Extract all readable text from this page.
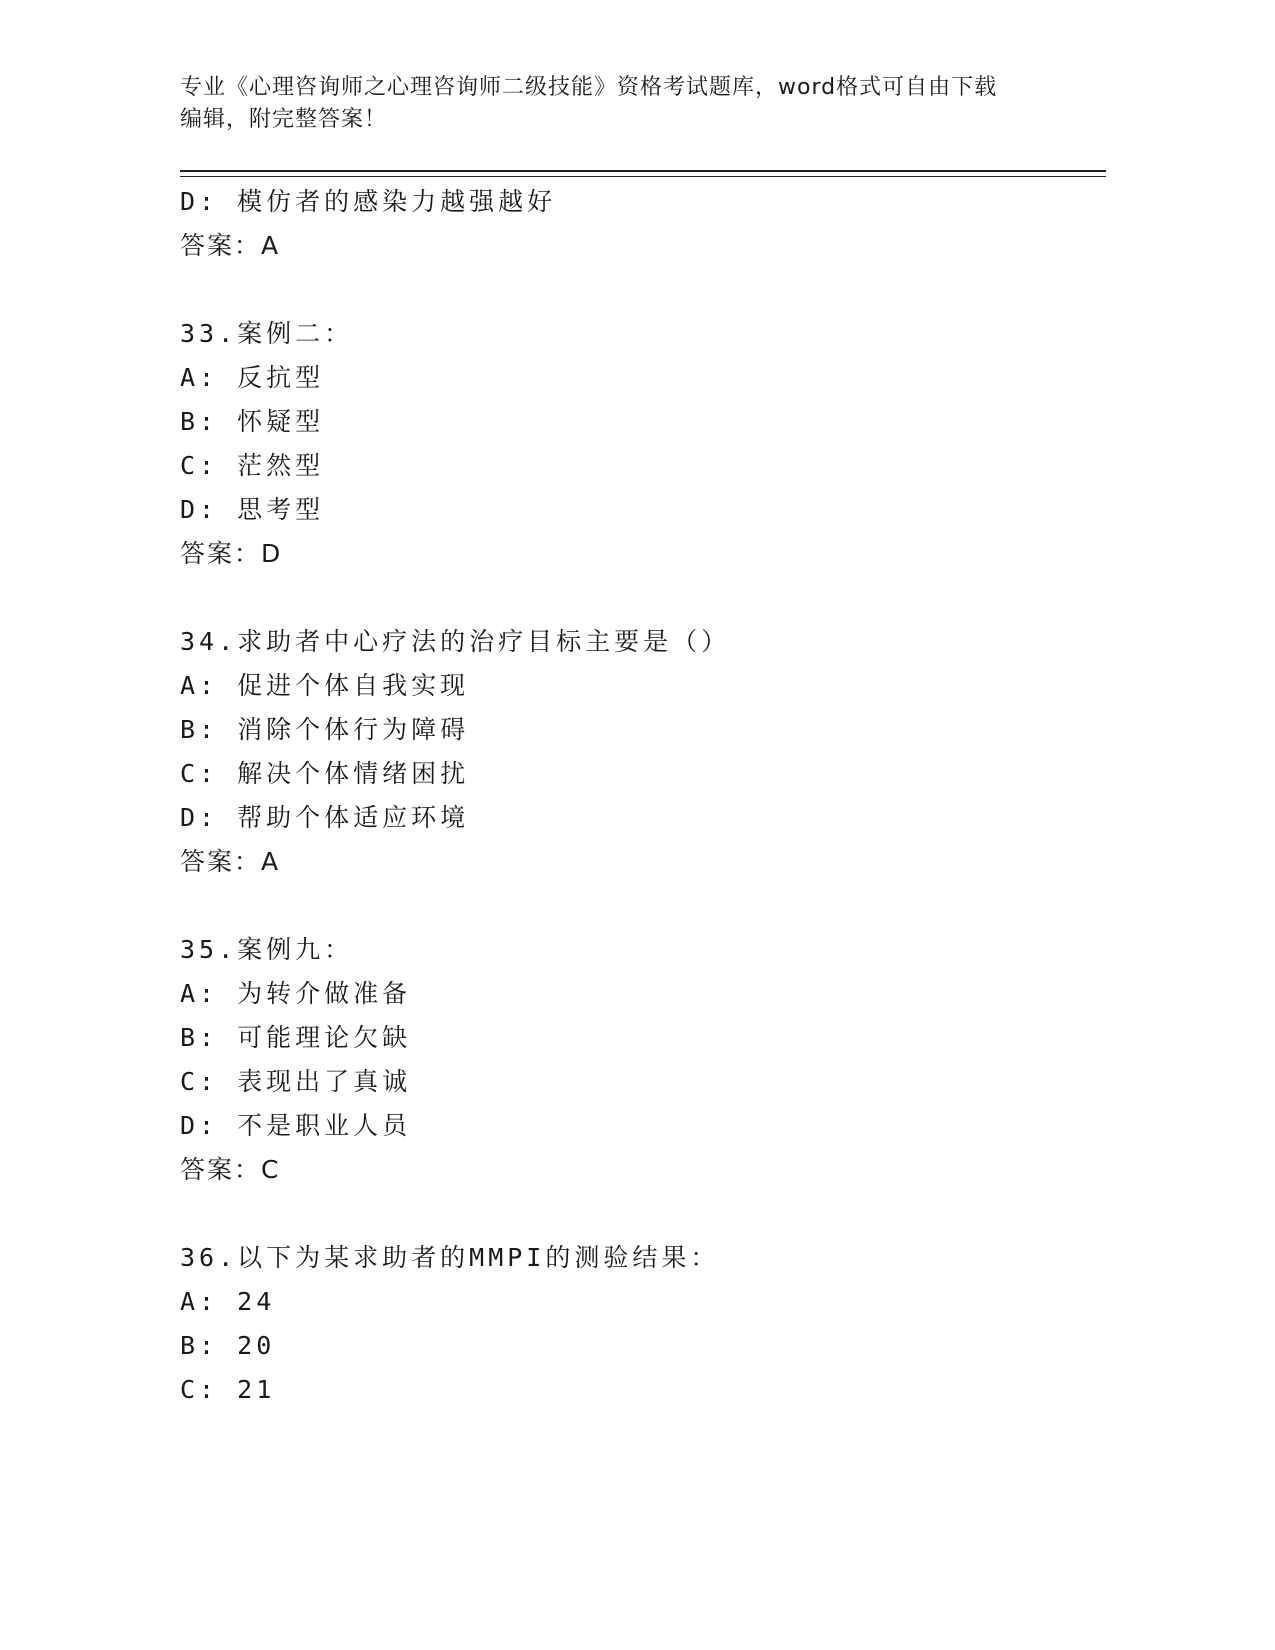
专业《心理咨询师之心理咨询师二级技能》资格考试题库，word格式可自由下载
编辑，附完整答案！
D: 模仿者的感染力越强越好
答案：A
33.案例二：
A: 反抗型
B: 怀疑型
C: 茫然型
D: 思考型
答案：D
34.求助者中心疗法的治疗目标主要是（）
A: 促进个体自我实现
B: 消除个体行为障碍
C: 解决个体情绪困扰
D: 帮助个体适应环境
答案：A
35.案例九：
A: 为转介做准备
B: 可能理论欠缺
C: 表现出了真诚
D: 不是职业人员
答案：C
36.以下为某求助者的MMPI的测验结果：
A: 24
B: 20
C: 21
